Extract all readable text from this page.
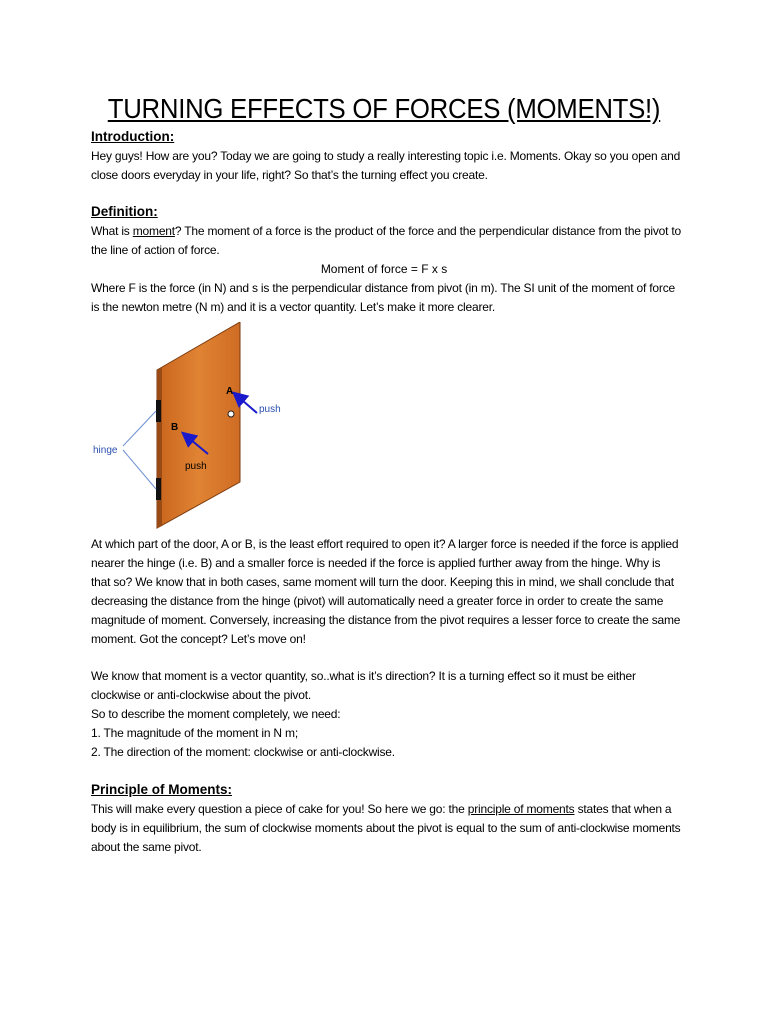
TURNING EFFECTS OF FORCES (MOMENTS!)
Introduction:
Hey guys! How are you? Today we are going to study a really interesting topic i.e. Moments. Okay so you open and close doors everyday in your life, right? So that’s the turning effect you create.
Definition:
What is moment? The moment of a force is the product of the force and the perpendicular distance from the pivot to the line of action of force.
Moment of force = F x s
Where F is the force (in N) and s is the perpendicular distance from pivot (in m). The SI unit of the moment of force is the newton metre (N m) and it is a vector quantity. Let’s make it more clearer.
hinge
A
push
B
push
At which part of the door, A or B, is the least effort required to open it? A larger force is needed if the force is applied nearer the hinge (i.e. B) and a smaller force is needed if the force is applied further away from the hinge. Why is that so? We know that in both cases, same moment will turn the door. Keeping this in mind, we shall conclude that decreasing the distance from the hinge (pivot) will automatically need a greater force in order to create the same magnitude of moment. Conversely, increasing the distance from the pivot requires a lesser force to create the same moment. Got the concept? Let’s move on!

We know that moment is a vector quantity, so..what is it’s direction? It is a turning effect so it must be either clockwise or anti-clockwise about the pivot.

So to describe the moment completely, we need:

1. The magnitude of the moment in N m;

2. The direction of the moment: clockwise or anti-clockwise.

Principle of Moments:
This will make every question a piece of cake for you! So here we go: the principle of moments states that when a body is in equilibrium, the sum of clockwise moments about the pivot is equal to the sum of anti-clockwise moments about the same pivot.
